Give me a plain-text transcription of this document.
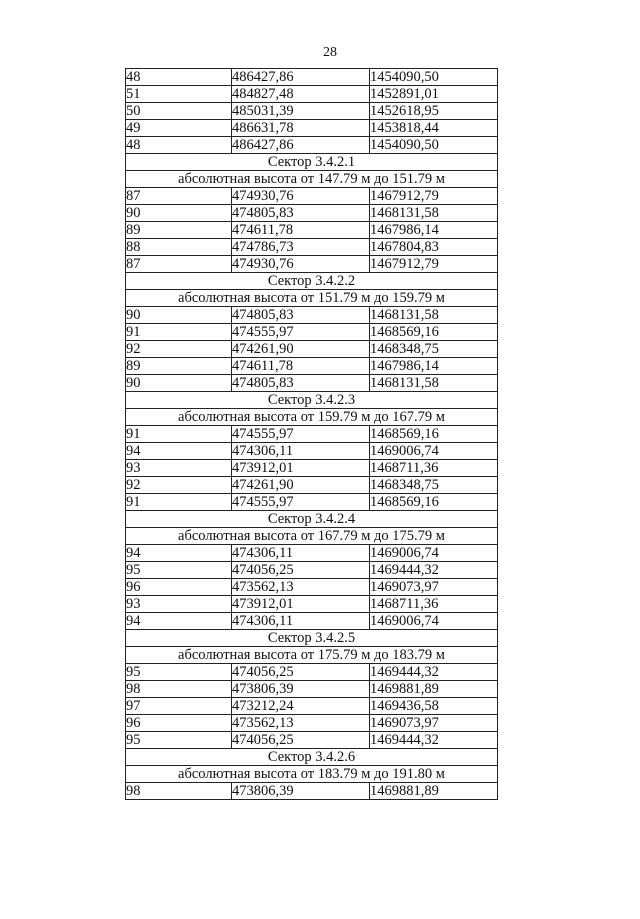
28
48	486427,86	1454090,50
51	484827,48	1452891,01
50	485031,39	1452618,95
49	486631,78	1453818,44
48	486427,86	1454090,50
Сектор 3.4.2.1		
абсолютная высота от 147.79 м до 151.79 м		
87	474930,76	1467912,79
90	474805,83	1468131,58
89	474611,78	1467986,14
88	474786,73	1467804,83
87	474930,76	1467912,79
Сектор 3.4.2.2		
абсолютная высота от 151.79 м до 159.79 м		
90	474805,83	1468131,58
91	474555,97	1468569,16
92	474261,90	1468348,75
89	474611,78	1467986,14
90	474805,83	1468131,58
Сектор 3.4.2.3		
абсолютная высота от 159.79 м до 167.79 м		
91	474555,97	1468569,16
94	474306,11	1469006,74
93	473912,01	1468711,36
92	474261,90	1468348,75
91	474555,97	1468569,16
Сектор 3.4.2.4		
абсолютная высота от 167.79 м до 175.79 м		
94	474306,11	1469006,74
95	474056,25	1469444,32
96	473562,13	1469073,97
93	473912,01	1468711,36
94	474306,11	1469006,74
Сектор 3.4.2.5		
абсолютная высота от 175.79 м до 183.79 м		
95	474056,25	1469444,32
98	473806,39	1469881,89
97	473212,24	1469436,58
96	473562,13	1469073,97
95	474056,25	1469444,32
Сектор 3.4.2.6		
абсолютная высота от 183.79 м до 191.80 м		
98	473806,39	1469881,89
